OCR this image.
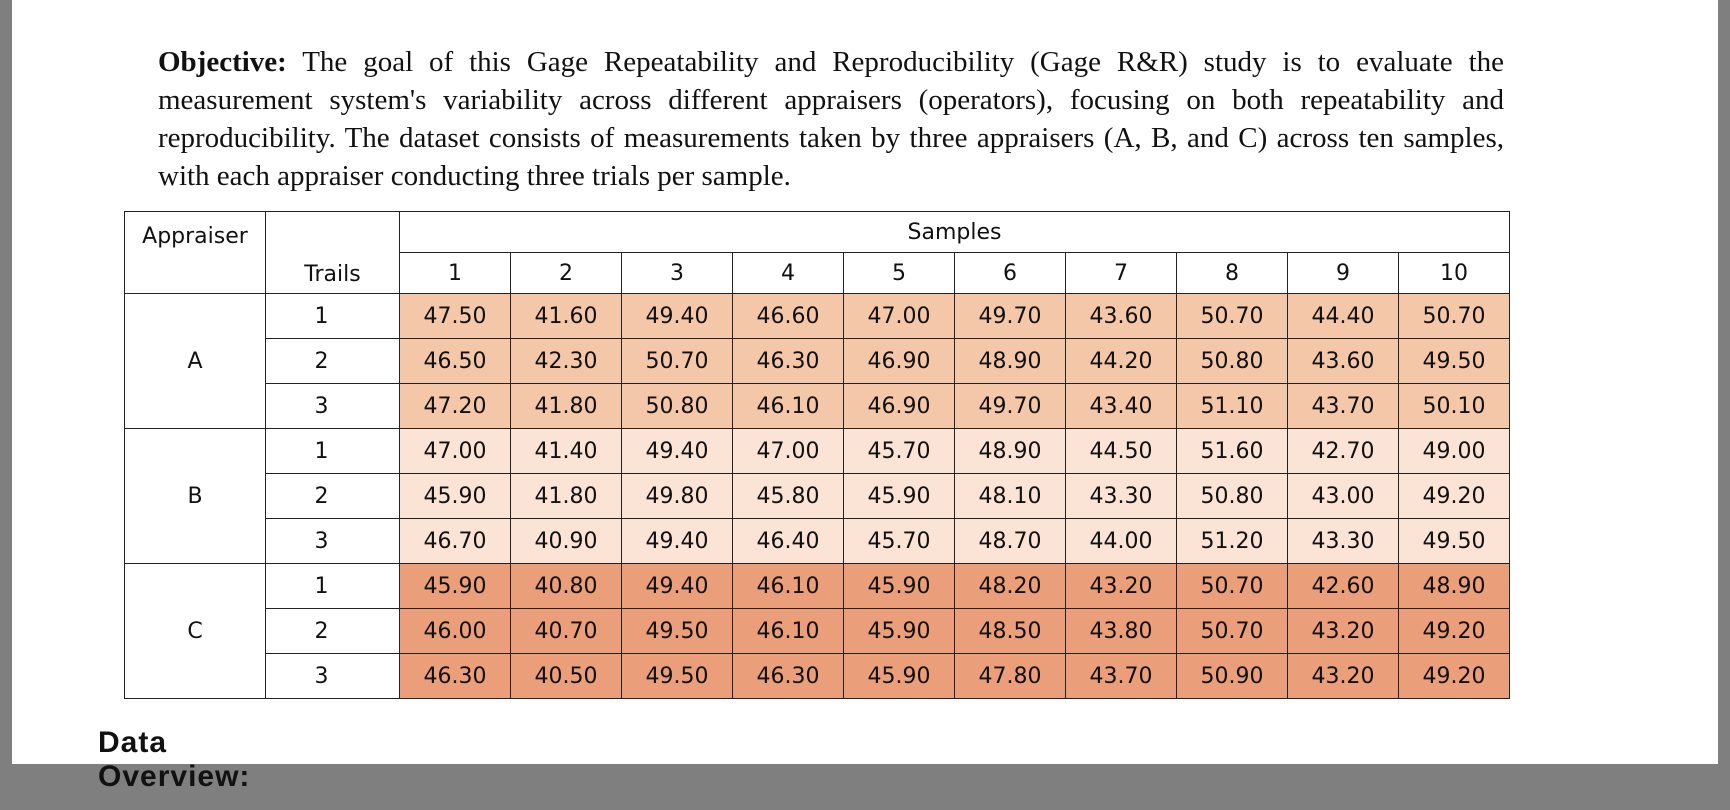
Objective: The goal of this Gage Repeatability and Reproducibility (Gage R&R) study is to evaluate the measurement system's variability across different appraisers (operators), focusing on both repeatability and reproducibility. The dataset consists of measurements taken by three appraisers (A, B, and C) across ten samples, with each appraiser conducting three trials per sample.

Appraiser	Trails	Samples									
		1	2	3	4	5	6	7	8	9	10
A	1	47.50	41.60	49.40	46.60	47.00	49.70	43.60	50.70	44.40	50.70
	2	46.50	42.30	50.70	46.30	46.90	48.90	44.20	50.80	43.60	49.50
	3	47.20	41.80	50.80	46.10	46.90	49.70	43.40	51.10	43.70	50.10
B	1	47.00	41.40	49.40	47.00	45.70	48.90	44.50	51.60	42.70	49.00
	2	45.90	41.80	49.80	45.80	45.90	48.10	43.30	50.80	43.00	49.20
	3	46.70	40.90	49.40	46.40	45.70	48.70	44.00	51.20	43.30	49.50
C	1	45.90	40.80	49.40	46.10	45.90	48.20	43.20	50.70	42.60	48.90
	2	46.00	40.70	49.50	46.10	45.90	48.50	43.80	50.70	43.20	49.20
	3	46.30	40.50	49.50	46.30	45.90	47.80	43.70	50.90	43.20	49.20
Data Overview:
